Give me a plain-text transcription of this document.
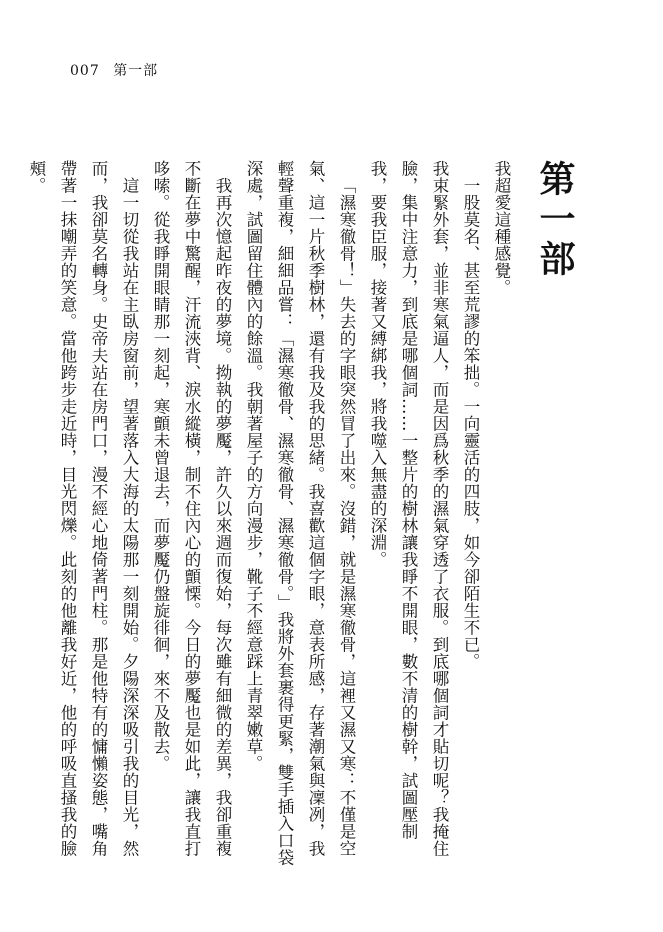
007 第一部
第一部

我超愛這種感覺。

一股莫名、甚至荒謬的笨拙。一向靈活的四肢，如今卻陌生不已。

我束緊外套，並非寒氣逼人，而是因爲秋季的濕氣穿透了衣服。到底哪個詞才貼切呢？我掩住臉，集中注意力，到底是哪個詞……一整片的樹林讓我睜不開眼，數不清的樹幹，試圖壓制我，要我臣服，接著又縛綁我，將我噬入無盡的深淵。

「濕寒徹骨！」失去的字眼突然冒了出來。沒錯，就是濕寒徹骨，這裡又濕又寒：不僅是空氣、這一片秋季樹林，還有我及我的思緒。我喜歡這個字眼，意表所感，存著潮氣與凜冽，我輕聲重複，細細品嘗：「濕寒徹骨、濕寒徹骨、濕寒徹骨。」我將外套裹得更緊，雙手插入口袋深處，試圖留住體內的餘溫。我朝著屋子的方向漫步，靴子不經意踩上青翠嫩草。

我再次憶起昨夜的夢境。拗執的夢魘，許久以來週而復始，每次雖有細微的差異，我卻重複不斷在夢中驚醒，汗流浹背、淚水縱橫，制不住內心的顫慄。今日的夢魘也是如此，讓我直打哆嗦。從我睜開眼睛那一刻起，寒顫未曾退去，而夢魘仍盤旋徘徊，來不及散去。

這一切從我站在主臥房窗前，望著落入大海的太陽那一刻開始。夕陽深深吸引我的目光，然而，我卻莫名轉身。史帝夫站在房門口，漫不經心地倚著門柱。那是他特有的慵懶姿態，嘴角帶著一抹嘲弄的笑意。當他跨步走近時，目光閃爍。此刻的他離我好近，他的呼吸直搔我的臉頰。
